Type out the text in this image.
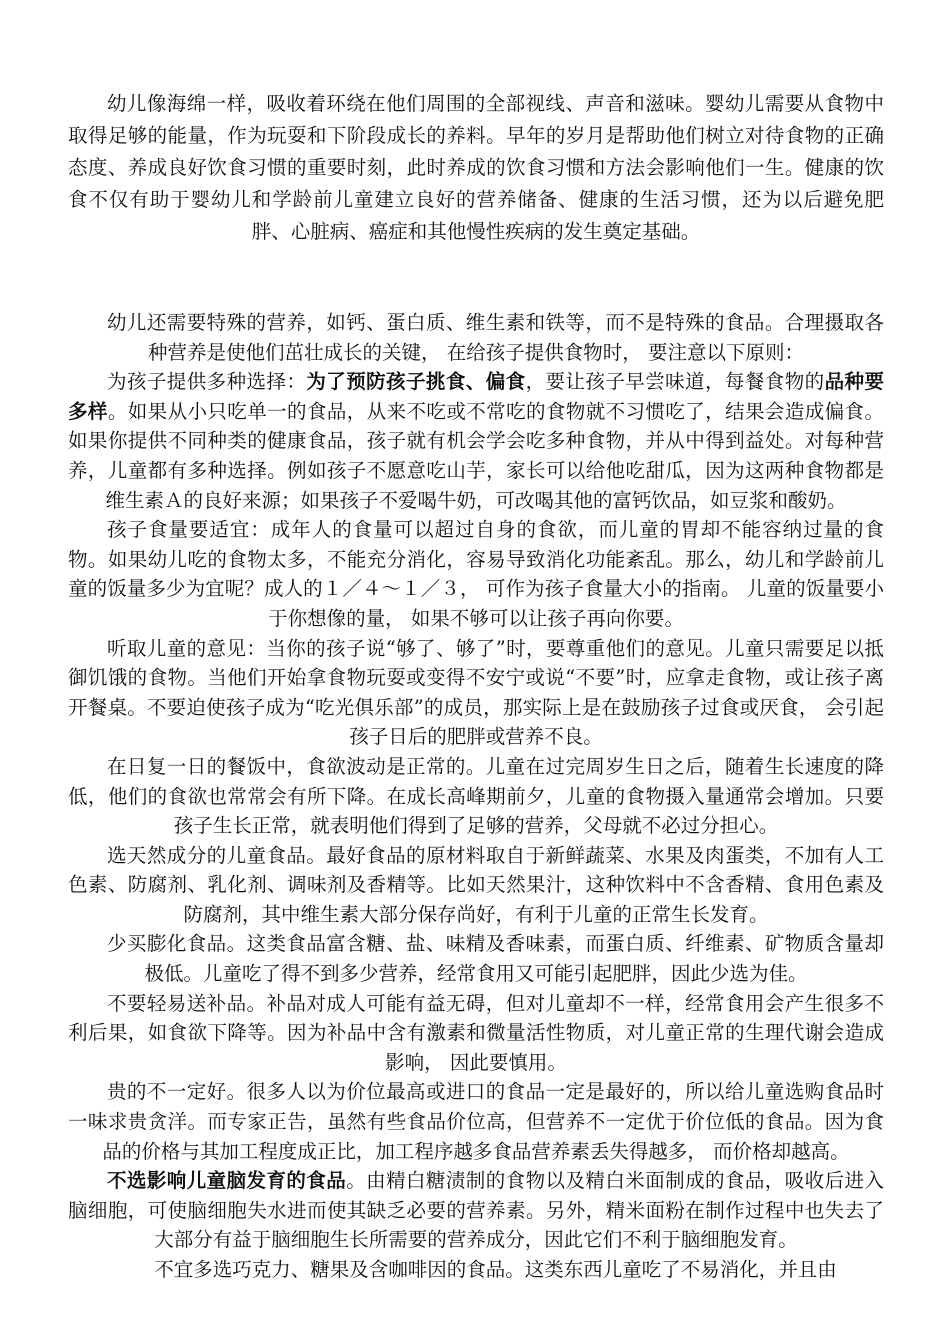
幼儿像海绵一样，吸收着环绕在他们周围的全部视线、声音和滋味。婴幼儿需要从食物中取得足够的能量，作为玩耍和下阶段成长的养料。早年的岁月是帮助他们树立对待食物的正确态度、养成良好饮食习惯的重要时刻，此时养成的饮食习惯和方法会影响他们一生。健康的饮食不仅有助于婴幼儿和学龄前儿童建立良好的营养储备、健康的生活习惯，还为以后避免肥胖、心脏病、癌症和其他慢性疾病的发生奠定基础。

幼儿还需要特殊的营养，如钙、蛋白质、维生素和铁等，而不是特殊的食品。合理摄取各种营养是使他们茁壮成长的关键， 在给孩子提供食物时， 要注意以下原则：

为孩子提供多种选择：为了预防孩子挑食、偏食，要让孩子早尝味道，每餐食物的品种要多样。如果从小只吃单一的食品，从来不吃或不常吃的食物就不习惯吃了，结果会造成偏食。如果你提供不同种类的健康食品，孩子就有机会学会吃多种食物，并从中得到益处。对每种营养，儿童都有多种选择。例如孩子不愿意吃山芋，家长可以给他吃甜瓜，因为这两种食物都是维生素Ａ的良好来源；如果孩子不爱喝牛奶，可改喝其他的富钙饮品，如豆浆和酸奶。

孩子食量要适宜：成年人的食量可以超过自身的食欲，而儿童的胃却不能容纳过量的食物。如果幼儿吃的食物太多，不能充分消化，容易导致消化功能紊乱。那么，幼儿和学龄前儿童的饭量多少为宜呢？成人的１／４～１／３， 可作为孩子食量大小的指南。 儿童的饭量要小于你想像的量， 如果不够可以让孩子再向你要。

听取儿童的意见：当你的孩子说“够了、够了”时，要尊重他们的意见。儿童只需要足以抵御饥饿的食物。当他们开始拿食物玩耍或变得不安宁或说“不要”时，应拿走食物，或让孩子离开餐桌。不要迫使孩子成为“吃光俱乐部”的成员，那实际上是在鼓励孩子过食或厌食， 会引起孩子日后的肥胖或营养不良。

在日复一日的餐饭中，食欲波动是正常的。儿童在过完周岁生日之后，随着生长速度的降低，他们的食欲也常常会有所下降。在成长高峰期前夕，儿童的食物摄入量通常会增加。只要孩子生长正常，就表明他们得到了足够的营养，父母就不必过分担心。

选天然成分的儿童食品。最好食品的原材料取自于新鲜蔬菜、水果及肉蛋类，不加有人工色素、防腐剂、乳化剂、调味剂及香精等。比如天然果汁，这种饮料中不含香精、食用色素及防腐剂，其中维生素大部分保存尚好，有利于儿童的正常生长发育。

少买膨化食品。这类食品富含糖、盐、味精及香味素，而蛋白质、纤维素、矿物质含量却极低。儿童吃了得不到多少营养，经常食用又可能引起肥胖，因此少选为佳。

不要轻易送补品。补品对成人可能有益无碍，但对儿童却不一样，经常食用会产生很多不利后果，如食欲下降等。因为补品中含有激素和微量活性物质，对儿童正常的生理代谢会造成影响， 因此要慎用。

贵的不一定好。很多人以为价位最高或进口的食品一定是最好的，所以给儿童选购食品时一味求贵贪洋。而专家正告，虽然有些食品价位高，但营养不一定优于价位低的食品。因为食品的价格与其加工程度成正比，加工程序越多食品营养素丢失得越多， 而价格却越高。

不选影响儿童脑发育的食品。由精白糖渍制的食物以及精白米面制成的食品，吸收后进入脑细胞，可使脑细胞失水进而使其缺乏必要的营养素。另外，精米面粉在制作过程中也失去了大部分有益于脑细胞生长所需要的营养成分，因此它们不利于脑细胞发育。

不宜多选巧克力、糖果及含咖啡因的食品。这类东西儿童吃了不易消化，并且由
